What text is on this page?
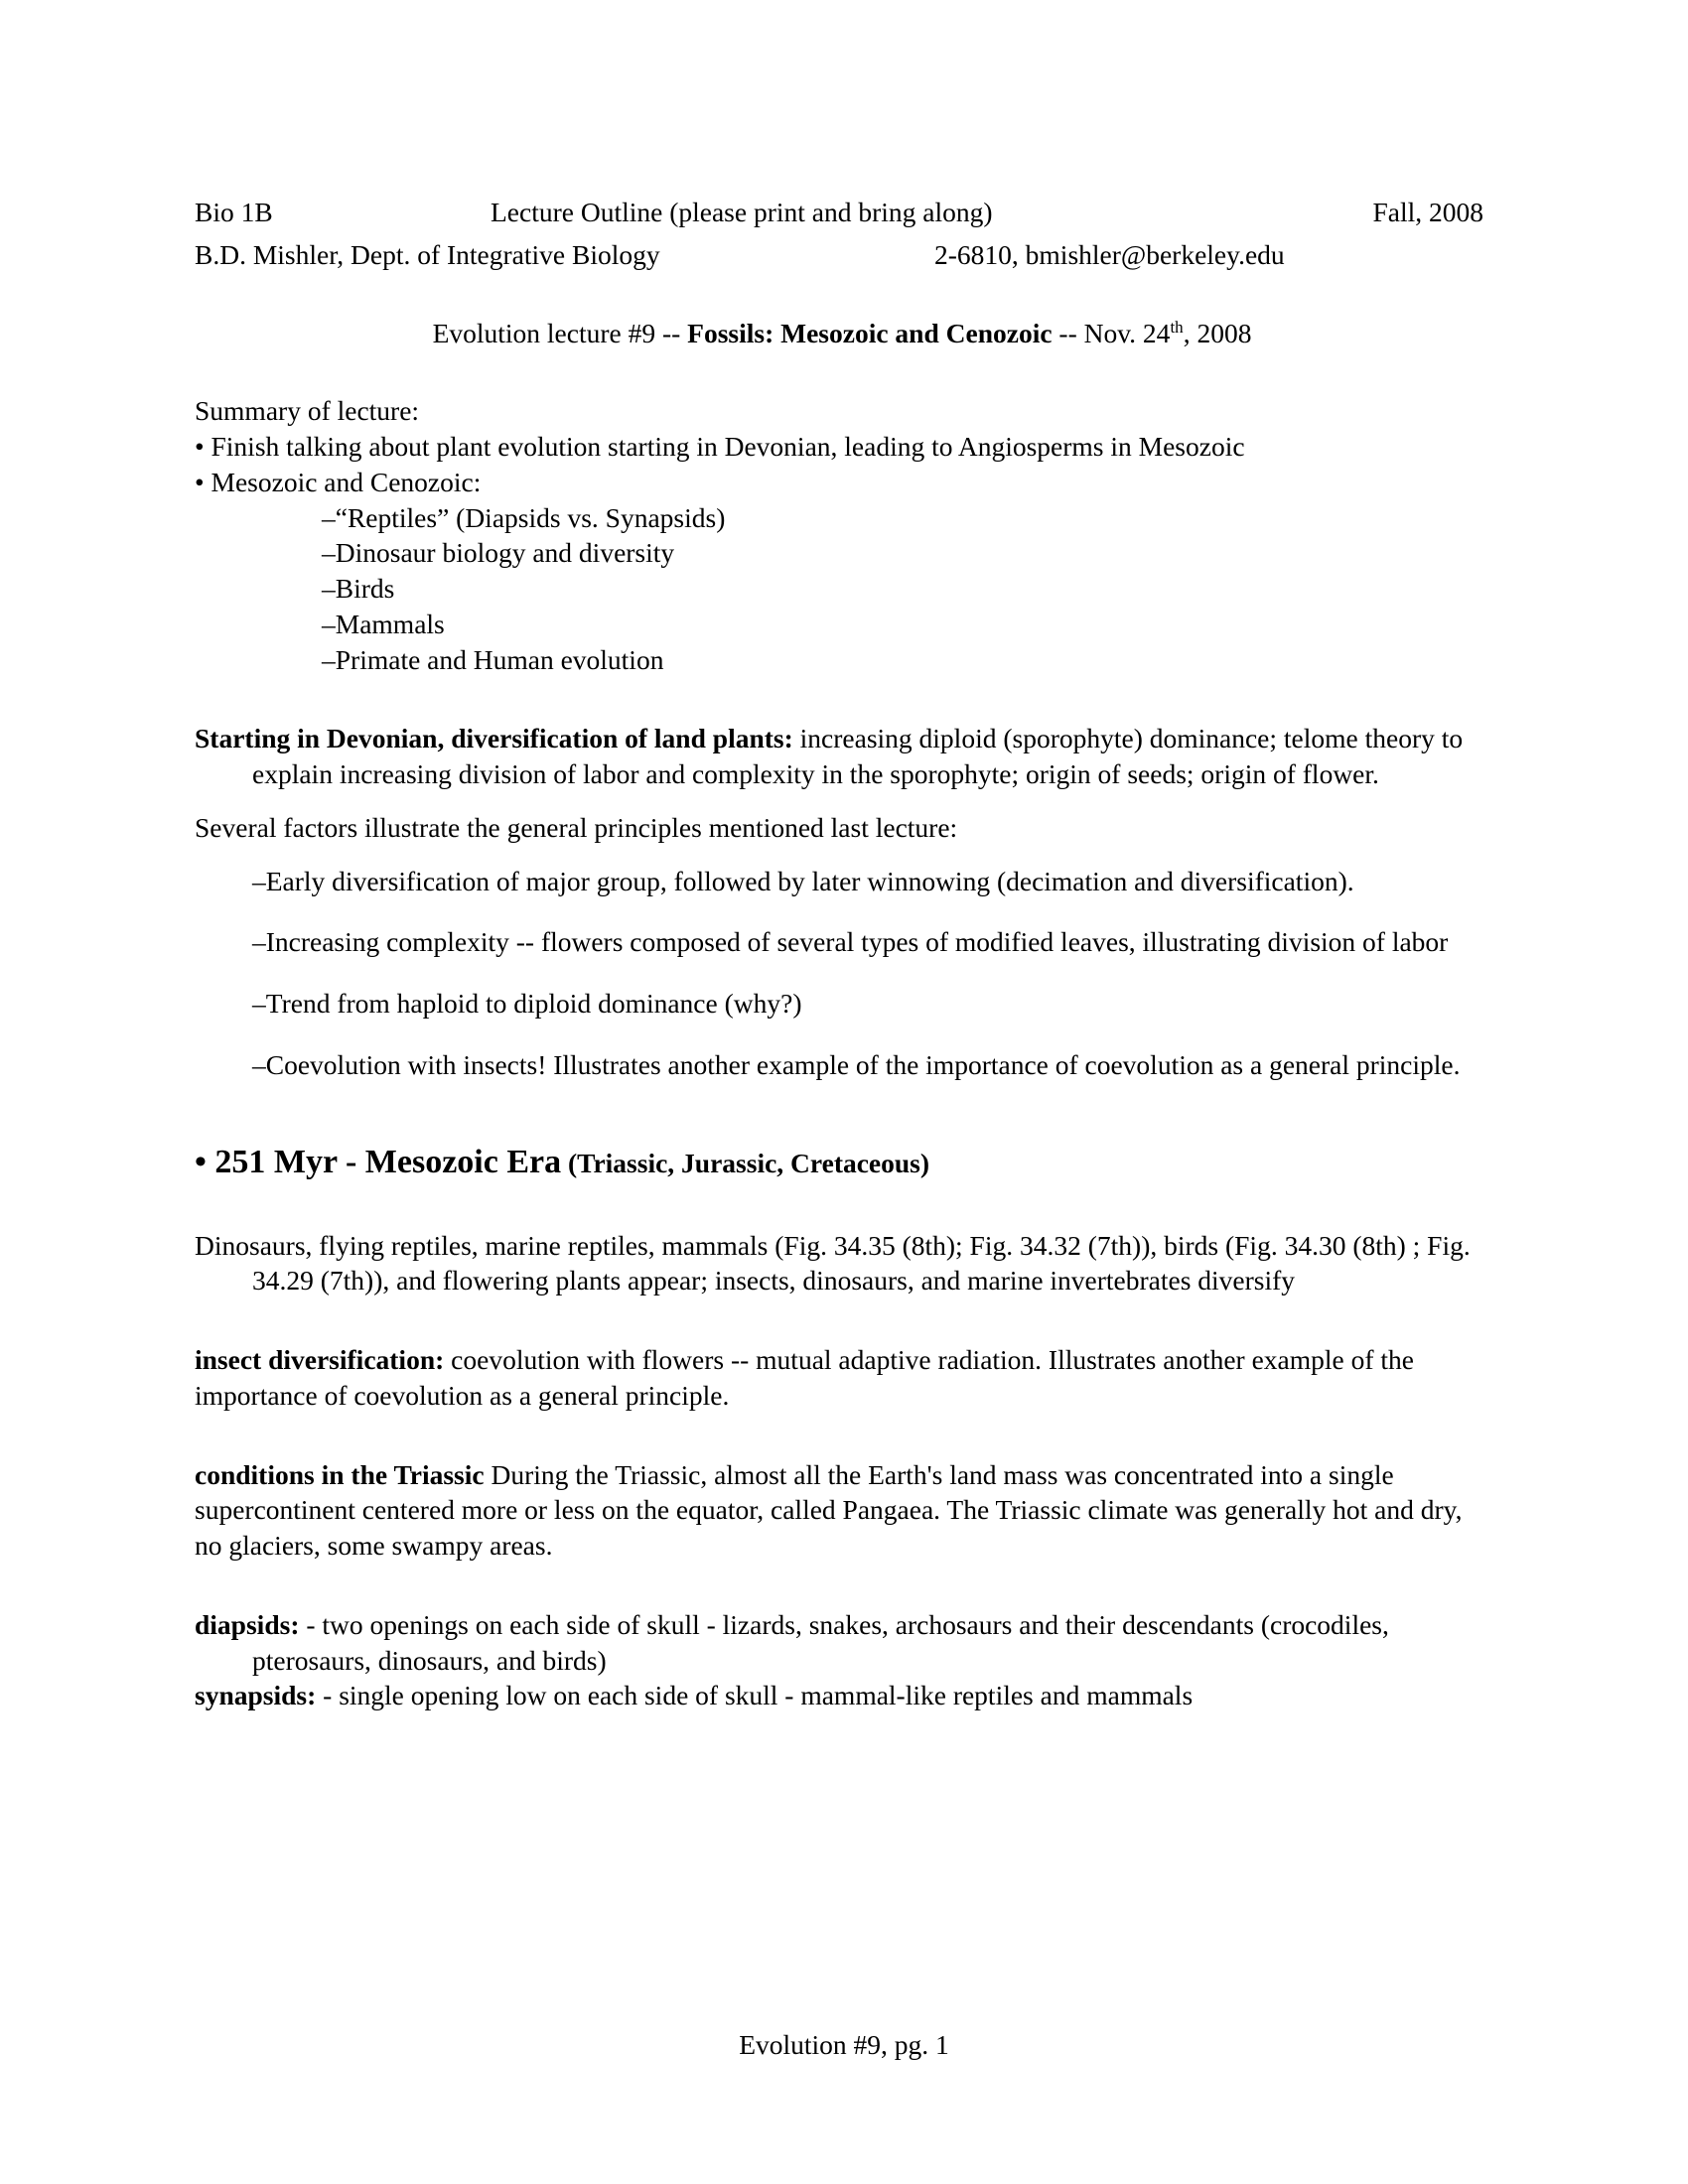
Bio 1B	Lecture Outline (please print and bring along)	Fall, 2008
B.D. Mishler, Dept. of Integrative Biology	2-6810, bmishler@berkeley.edu
Evolution lecture #9 -- Fossils: Mesozoic and Cenozoic -- Nov. 24th, 2008
Summary of lecture:
• Finish talking about plant evolution starting in Devonian, leading to Angiosperms in Mesozoic
• Mesozoic and Cenozoic:
–“Reptiles” (Diapsids vs. Synapsids)
–Dinosaur biology and diversity
–Birds
–Mammals
–Primate and Human evolution
Starting in Devonian, diversification of land plants: increasing diploid (sporophyte) dominance; telome theory to explain increasing division of labor and complexity in the sporophyte; origin of seeds; origin of flower.
Several factors illustrate the general principles mentioned last lecture:
–Early diversification of major group, followed by later winnowing (decimation and diversification).
–Increasing complexity -- flowers composed of several types of modified leaves, illustrating division of labor
–Trend from haploid to diploid dominance (why?)
–Coevolution with insects! Illustrates another example of the importance of coevolution as a general principle.
• 251 Myr - Mesozoic Era (Triassic, Jurassic, Cretaceous)
Dinosaurs, flying reptiles, marine reptiles, mammals (Fig. 34.35 (8th); Fig. 34.32 (7th)), birds (Fig. 34.30 (8th) ; Fig. 34.29 (7th)), and flowering plants appear; insects, dinosaurs, and marine invertebrates diversify
insect diversification: coevolution with flowers -- mutual adaptive radiation. Illustrates another example of the importance of coevolution as a general principle.
conditions in the Triassic During the Triassic, almost all the Earth's land mass was concentrated into a single supercontinent centered more or less on the equator, called Pangaea. The Triassic climate was generally hot and dry, no glaciers, some swampy areas.
diapsids: - two openings on each side of skull - lizards, snakes, archosaurs and their descendants (crocodiles, pterosaurs, dinosaurs, and birds)
synapsids: - single opening low on each side of skull - mammal-like reptiles and mammals
Evolution #9, pg. 1
